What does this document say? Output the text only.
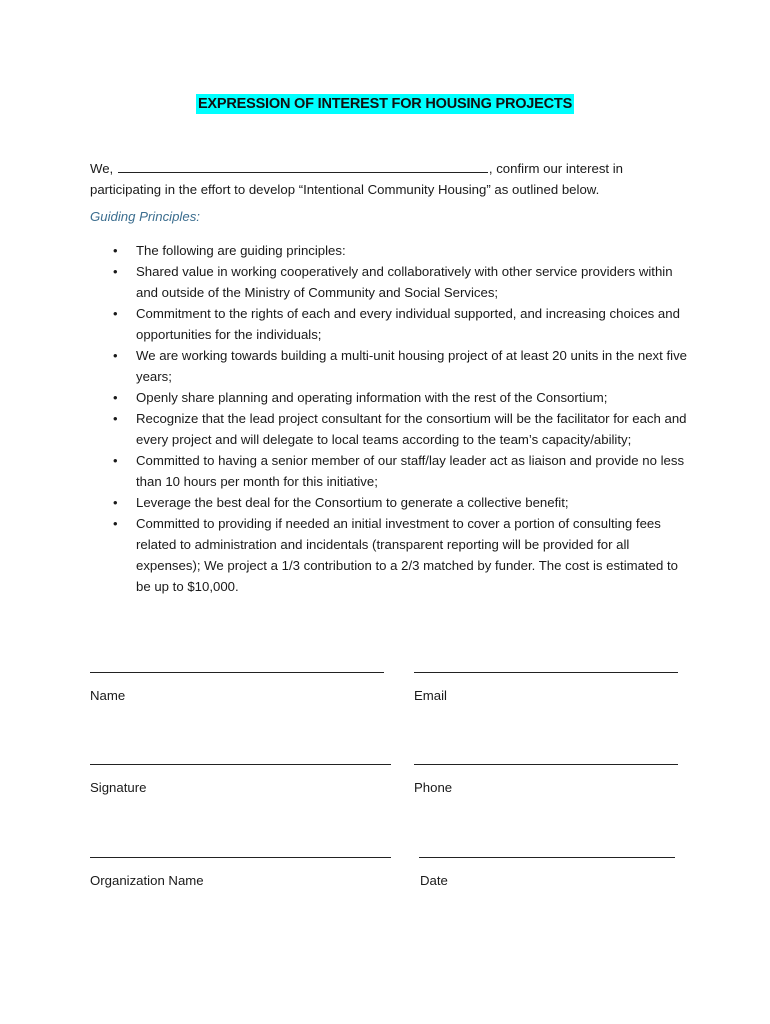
EXPRESSION OF INTEREST FOR HOUSING PROJECTS
We,	, confirm our interest in
participating in the effort to develop “Intentional Community Housing” as outlined below.
Guiding Principles:
• The following are guiding principles:
• Shared value in working cooperatively and collaboratively with other service providers within and outside of the Ministry of Community and Social Services;
• Commitment to the rights of each and every individual supported, and increasing choices and opportunities for the individuals;
• We are working towards building a multi-unit housing project of at least 20 units in the next five years;
• Openly share planning and operating information with the rest of the Consortium;
• Recognize that the lead project consultant for the consortium will be the facilitator for each and every project and will delegate to local teams according to the team’s capacity/ability;
• Committed to having a senior member of our staff/lay leader act as liaison and provide no less than 10 hours per month for this initiative;
• Leverage the best deal for the Consortium to generate a collective benefit;
• Committed to providing if needed an initial investment to cover a portion of consulting fees related to administration and incidentals (transparent reporting will be provided for all expenses); We project a 1/3 contribution to a 2/3 matched by funder. The cost is estimated to be up to $10,000.
Name	Email
Signature	Phone
Organization Name	Date
